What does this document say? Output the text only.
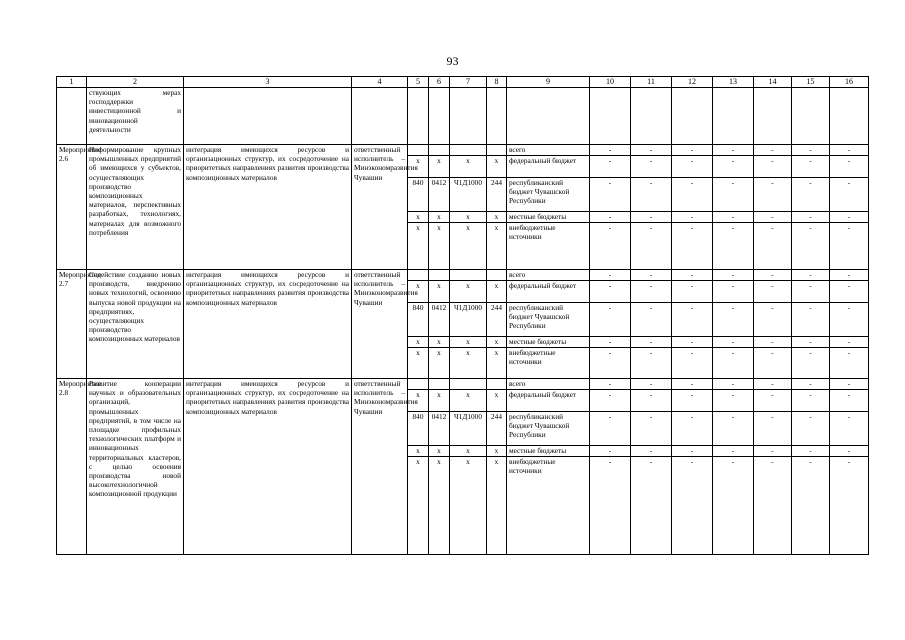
93
1	2	3	4	5	6	7	8	9	10	11	12	13	14	15	16
	ствующих мерах господдержки инвестиционной и инновационной деятельности														
Мероприятие 2.6	Информирование крупных промышленных предприятий об имеющихся у субъектов, осуществляющих производство композиционных материалов, перспективных разработках, технологиях, материалах для возможного потребления	интеграция имеющихся ресурсов и организационных структур, их сосредоточение на приоритетных направлениях развития производства композиционных материалов	ответственный исполнитель – Минэкономразвития Чувашии					всего	-	-	-	-	-	-	-
				x	x	x	x	федеральный бюджет	-	-	-	-	-	-	-
				840	0412	Ч1Д1000	244	республиканский бюджет Чувашской Республики	-	-	-	-	-	-	-
				x	x	x	x	местные бюджеты	-	-	-	-	-	-	-
				x	x	x	x	внебюджетные источники	-	-	-	-	-	-	-
Мероприятие 2.7	Содействие созданию новых производств, внедрению новых технологий, освоению выпуска новой продукции на предприятиях, осуществляющих производство композиционных материалов	интеграция имеющихся ресурсов и организационных структур, их сосредоточение на приоритетных направлениях развития производства композиционных материалов	ответственный исполнитель – Минэкономразвития Чувашии					всего	-	-	-	-	-	-	-
				x	x	x	x	федеральный бюджет	-	-	-	-	-	-	-
				840	0412	Ч1Д1000	244	республиканский бюджет Чувашской Республики	-	-	-	-	-	-	-
				x	x	x	x	местные бюджеты	-	-	-	-	-	-	-
				x	x	x	x	внебюджетные источники	-	-	-	-	-	-	-
Мероприятие 2.8	Развитие кооперации научных и образовательных организаций, промышленных предприятий, в том числе на площадке профильных технологических платформ и инновационных территориальных кластеров, с целью освоения производства новой высокотехнологичной композиционной продукции	интеграция имеющихся ресурсов и организационных структур, их сосредоточение на приоритетных направлениях развития производства композиционных материалов	ответственный исполнитель – Минэкономразвития Чувашии					всего	-	-	-	-	-	-	-
				x	x	x	x	федеральный бюджет	-	-	-	-	-	-	-
				840	0412	Ч1Д1000	244	республиканский бюджет Чувашской Республики	-	-	-	-	-	-	-
				x	x	x	x	местные бюджеты	-	-	-	-	-	-	-
				x	x	x	x	внебюджетные источники	-	-	-	-	-	-	-
